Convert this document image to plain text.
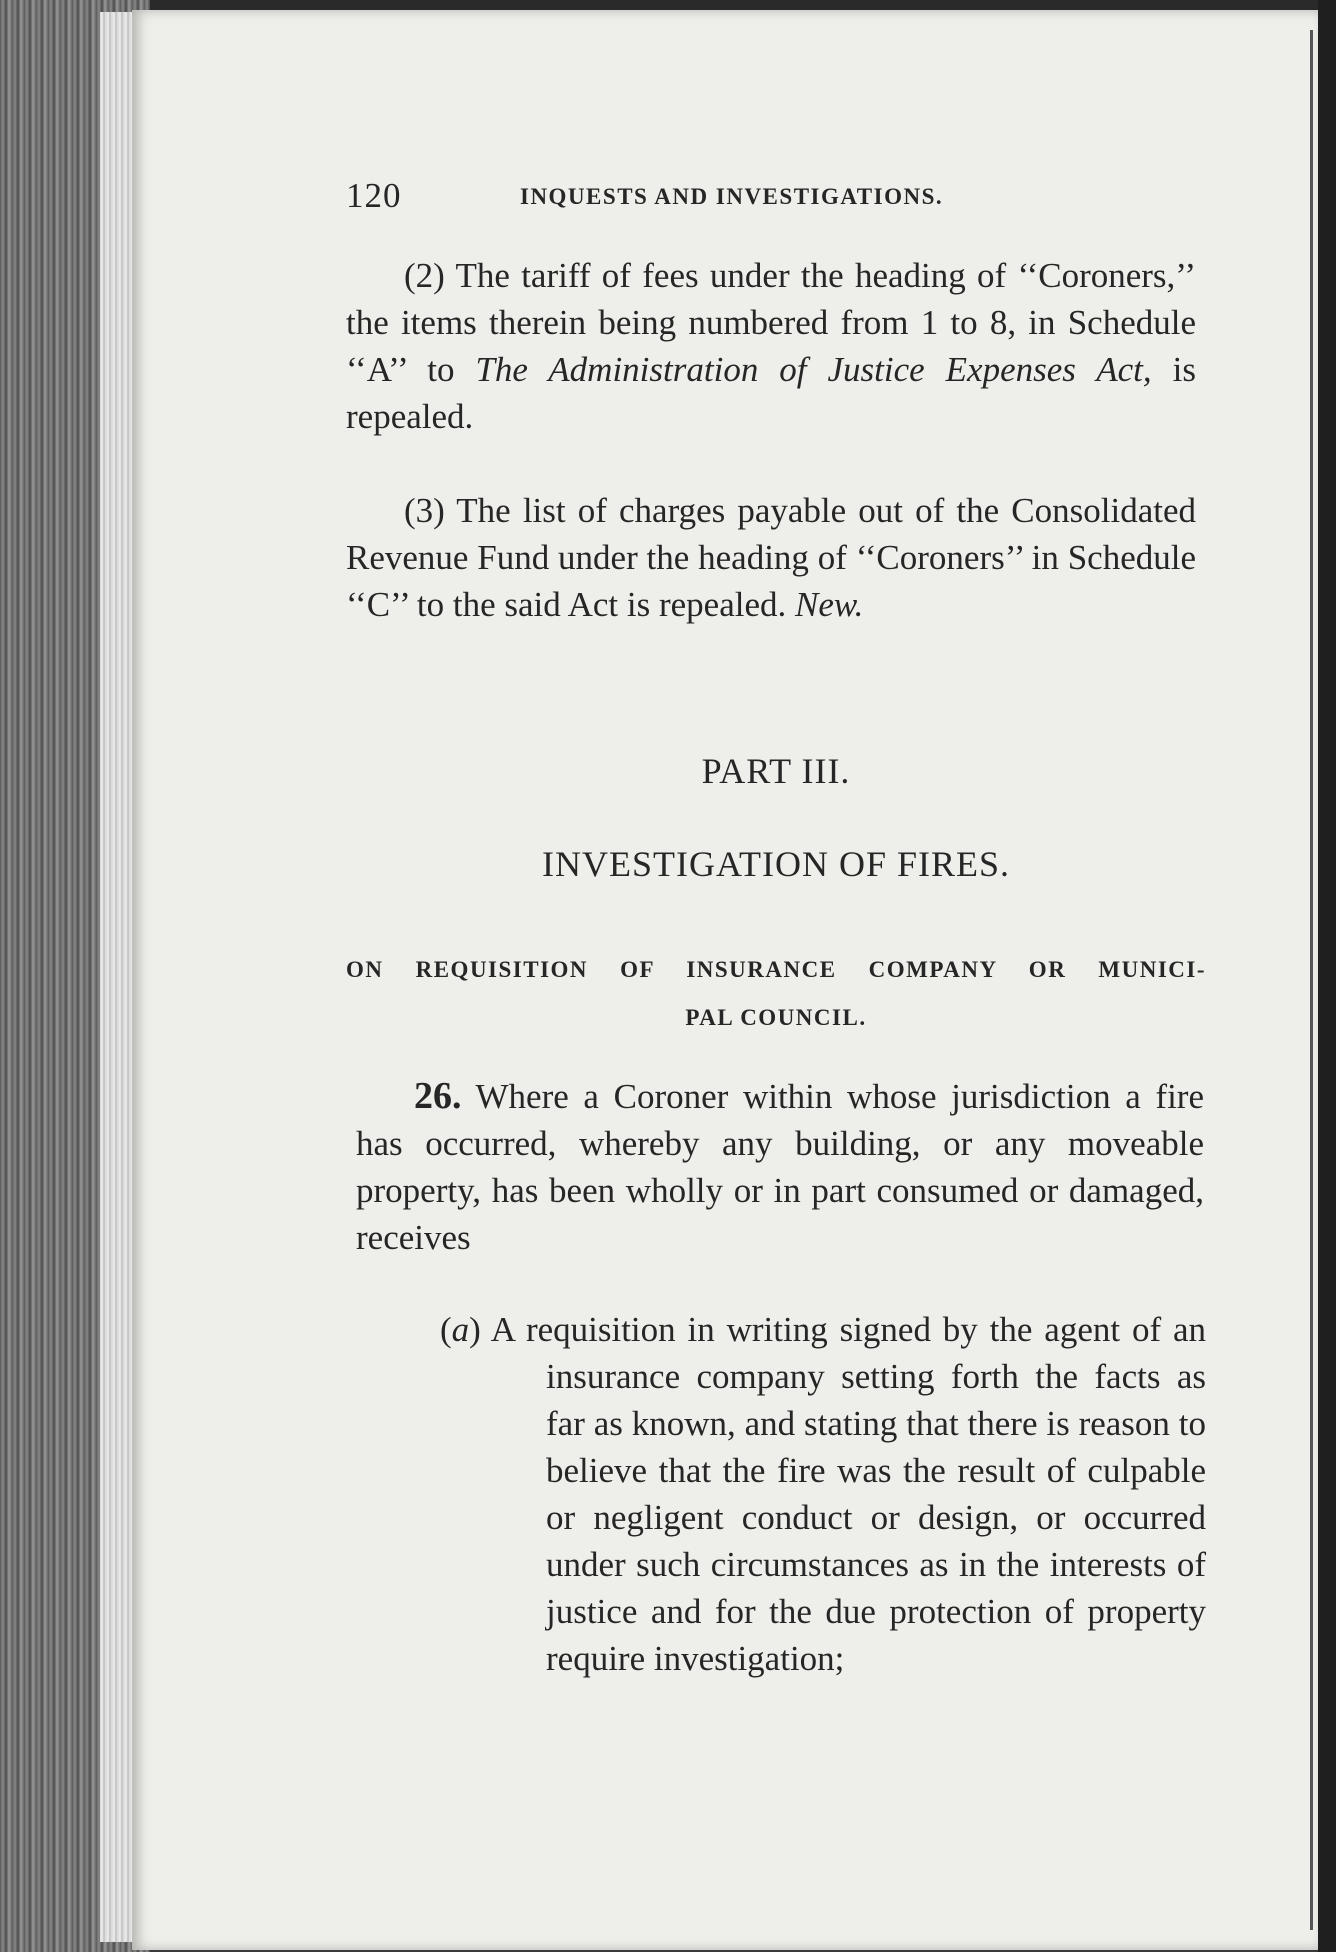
120	INQUESTS AND INVESTIGATIONS.

(2) The tariff of fees under the heading of ‘‘Coroners,’’ the items therein being numbered from 1 to 8, in Schedule ‘‘A’’ to The Administration of Justice Expenses Act, is repealed.

(3) The list of charges payable out of the Consolidated Revenue Fund under the heading of ‘‘Coroners’’ in Schedule ‘‘C’’ to the said Act is repealed. New.

PART III.

INVESTIGATION OF FIRES.

ON REQUISITION OF INSURANCE COMPANY OR MUNICI-
PAL COUNCIL.

26. Where a Coroner within whose jurisdiction a fire has occurred, whereby any building, or any moveable property, has been wholly or in part consumed or damaged, receives

(a) A requisition in writing signed by the agent of an insurance company setting forth the facts as far as known, and stating that there is reason to believe that the fire was the result of culpable or negligent conduct or design, or occurred under such circumstances as in the interests of justice and for the due protection of property require investigation;
